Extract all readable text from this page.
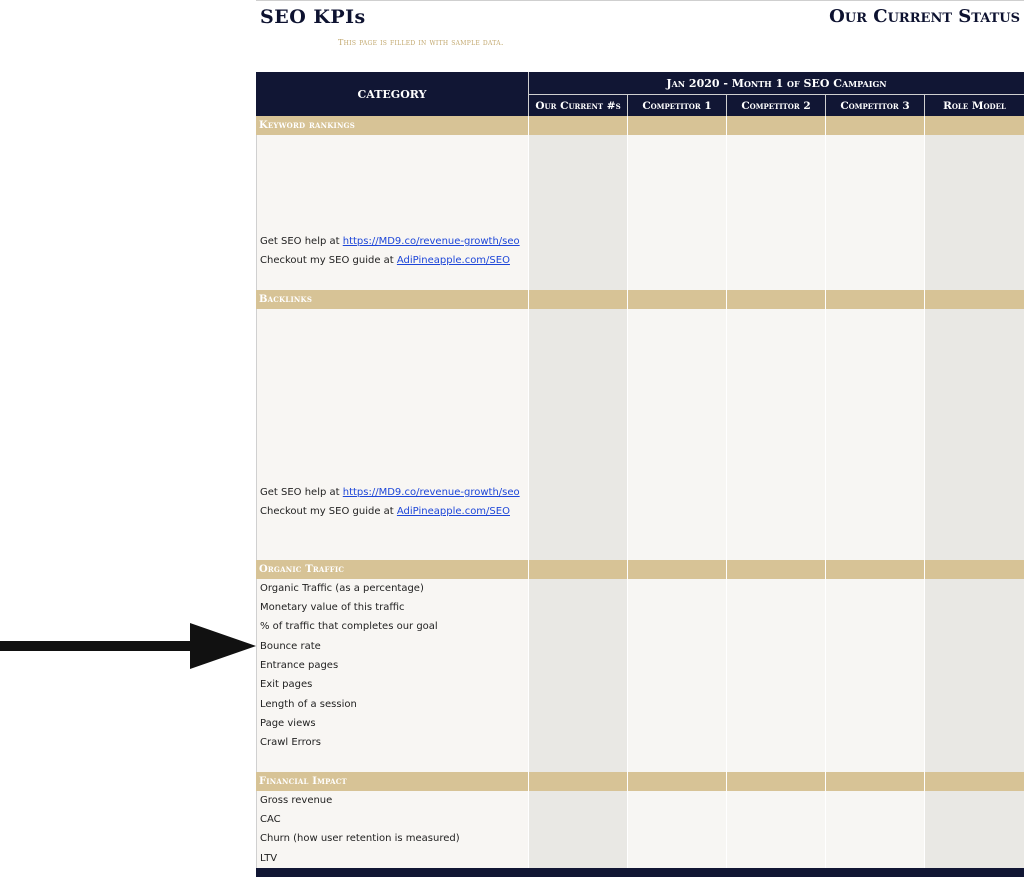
SEO KPIs	Our Current Status
This page is filled in with sample data.
CATEGORY
Jan 2020 - Month 1 of SEO Campaign
Our Current #s	Competitor 1	Competitor 2	Competitor 3	Role Model
Keyword rankings
Get SEO help at https://MD9.co/revenue-growth/seo
Checkout my SEO guide at AdiPineapple.com/SEO
Backlinks
Get SEO help at https://MD9.co/revenue-growth/seo
Checkout my SEO guide at AdiPineapple.com/SEO
Organic Traffic
Organic Traffic (as a percentage)
Monetary value of this traffic
% of traffic that completes our goal
Bounce rate
Entrance pages
Exit pages
Length of a session
Page views
Crawl Errors
Financial Impact
Gross revenue
CAC
Churn (how user retention is measured)
LTV
